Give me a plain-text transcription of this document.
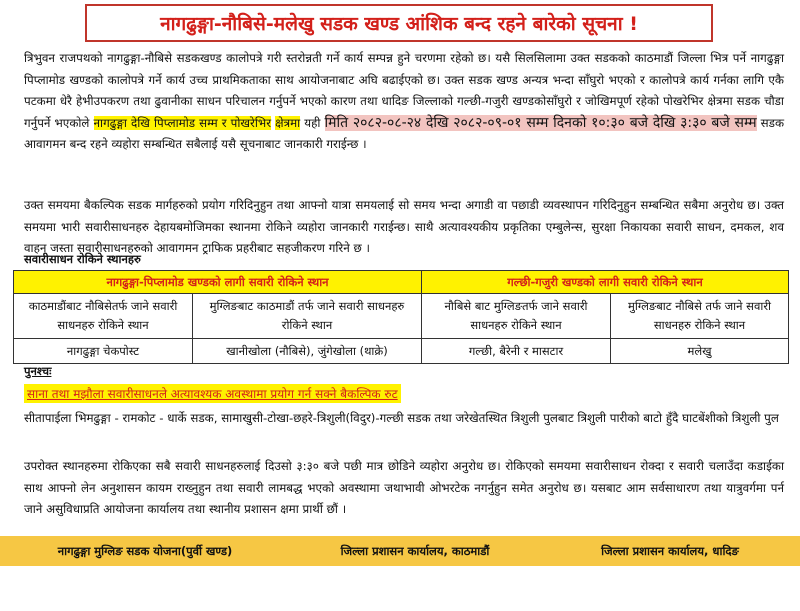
नागढुङ्गा-नौबिसे-मलेखु सडक खण्ड आंशिक बन्द रहने बारेको सूचना !
त्रिभुवन राजपथको नागढुङ्गा-नौबिसे सडकखण्ड कालोपत्रे गरी स्तरोन्नती गर्ने कार्य सम्पन्न हुने चरणमा रहेको छ। यसै सिलसिलामा उक्त सडकको काठमाडौं जिल्ला भित्र पर्ने नागढुङ्गा पिप्लामोड खण्डको कालोपत्रे गर्ने कार्य उच्च प्राथमिकताका साथ आयोजनाबाट अघि बढाईएको छ। उक्त सडक खण्ड अन्यत्र भन्दा साँघुरो भएको र कालोपत्रे कार्य गर्नका लागि एकै पटकमा धेरै हेभीउपकरण तथा ढुवानीका साधन परिचालन गर्नुपर्ने भएको कारण तथा धादिङ जिल्लाको गल्छी-गजुरी खण्डकोसाँघुरो र जोखिमपूर्ण रहेको पोखरेभिर क्षेत्रमा सडक चौडा गर्नुपर्ने भएकोले नागढुङ्गा देखि पिप्लामोड सम्म र पोखरेभिर क्षेत्रमा यही मिति २०८२-०८-२४ देखि २०८२-०९-०१ सम्म दिनको १०:३० बजे देखि ३:३० बजे सम्म सडक आवागमन बन्द रहने व्यहोरा सम्बन्धित सबैलाई यसै सूचनाबाट जानकारी गराईन्छ ।
उक्त समयमा बैकल्पिक सडक मार्गहरुको प्रयोग गरिदिनुहुन तथा आफ्नो यात्रा समयलाई सो समय भन्दा अगाडी वा पछाडी व्यवस्थापन गरिदिनुहुन सम्बन्धित सबैमा अनुरोध छ। उक्त समयमा भारी सवारीसाधनहरु देहायबमोजिमका स्थानमा रोकिने व्यहोरा जानकारी गराईन्छ। साथै अत्यावश्यकीय प्रकृतिका एम्बुलेन्स, सुरक्षा निकायका सवारी साधन, दमकल, शव वाहन जस्ता सवारीसाधनहरुको आवागमन ट्राफिक प्रहरीबाट सहजीकरण गरिने छ ।
सवारीसाधन रोकिने स्थानहरु
नागढुङ्गा-पिप्लामोड खण्डको लागी सवारी रोकिने स्थान		गल्छी-गजुरी खण्डको लागी सवारी रोकिने स्थान	
काठमाडौंबाट नौबिसेतर्फ जाने सवारी साधनहरु रोकिने स्थान	मुग्लिङबाट काठमाडौं तर्फ जाने सवारी साधनहरु रोकिने स्थान	नौबिसे बाट मुग्लिङतर्फ जाने सवारी साधनहरु रोकिने स्थान	मुग्लिङबाट नौबिसे तर्फ जाने सवारी साधनहरु रोकिने स्थान
नागढुङ्गा चेकपोस्ट	खानीखोला (नौबिसे), जुंगेखोला (थाक्रे)	गल्छी, बैरेनी र मासटार	मलेखु
पुनश्चः
साना तथा मझौला सवारीसाधनले अत्यावश्यक अवस्थामा प्रयोग गर्न सक्ने बैकल्पिक रुट
सीतापाईला भिमढुङ्गा - रामकोट - धार्के सडक, सामाखुसी-टोखा-छहरे-त्रिशुली(विदुर)-गल्छी सडक तथा जरेखेतस्थित त्रिशुली पुलबाट त्रिशुली पारीको बाटो हुँदै घाटबेंशीको त्रिशुली पुल
उपरोक्त स्थानहरुमा रोकिएका सबै सवारी साधनहरुलाई दिउसो ३:३० बजे पछी मात्र छोडिने व्यहोरा अनुरोध छ। रोकिएको समयमा सवारीसाधन रोक्दा र सवारी चलाउँदा कडाईका साथ आफ्नो लेन अनुशासन कायम राख्नुहुन तथा सवारी लामबद्ध भएको अवस्थामा जथाभावी ओभरटेक नगर्नुहुन समेत अनुरोध छ। यसबाट आम सर्वसाधारण तथा यात्रुवर्गमा पर्न जाने असुविधाप्रति आयोजना कार्यालय तथा स्थानीय प्रशासन क्षमा प्रार्थी छौं ।
नागढुङ्गा मुग्लिङ सडक योजना(पुर्वी खण्ड)	जिल्ला प्रशासन कार्यालय, काठमाडौं	जिल्ला प्रशासन कार्यालय, धादिङ
